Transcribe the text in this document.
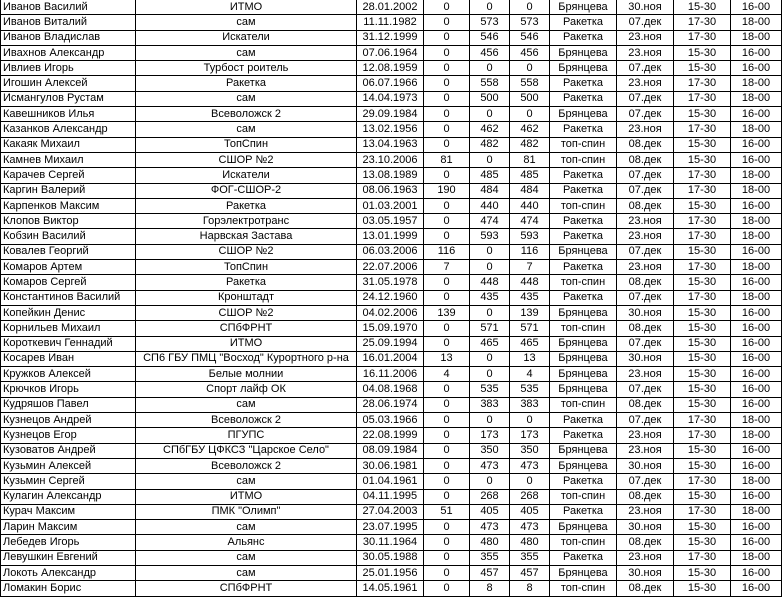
Иванов Василий	ИТМО	28.01.2002	0	0	0	Брянцева	30.ноя	15-30	16-00
Иванов Виталий	сам	11.11.1982	0	573	573	Ракетка	07.дек	17-30	18-00
Иванов Владислав	Искатели	31.12.1999	0	546	546	Ракетка	23.ноя	17-30	18-00
Ивахнов Александр	сам	07.06.1964	0	456	456	Брянцева	23.ноя	15-30	16-00
Ивлиев Игорь	Турбост роитель	12.08.1959	0	0	0	Брянцева	07.дек	15-30	16-00
Игошин Алексей	Ракетка	06.07.1966	0	558	558	Ракетка	23.ноя	17-30	18-00
Исмангулов Рустам	сам	14.04.1973	0	500	500	Ракетка	07.дек	17-30	18-00
Кавешников Илья	Всеволожск 2	29.09.1984	0	0	0	Брянцева	07.дек	15-30	16-00
Казанков Александр	сам	13.02.1956	0	462	462	Ракетка	23.ноя	17-30	18-00
Какаяк Михаил	ТопСпин	13.04.1963	0	482	482	топ-спин	08.дек	15-30	16-00
Камнев Михаил	СШОР №2	23.10.2006	81	0	81	топ-спин	08.дек	15-30	16-00
Карачев Сергей	Искатели	13.08.1989	0	485	485	Ракетка	07.дек	17-30	18-00
Каргин Валерий	ФОГ-СШОР-2	08.06.1963	190	484	484	Ракетка	07.дек	17-30	18-00
Карпенков Максим	Ракетка	01.03.2001	0	440	440	топ-спин	08.дек	15-30	16-00
Клопов Виктор	Горэлектротранс	03.05.1957	0	474	474	Ракетка	23.ноя	17-30	18-00
Кобзин Василий	Нарвская Застава	13.01.1999	0	593	593	Ракетка	23.ноя	17-30	18-00
Ковалев Георгий	СШОР №2	06.03.2006	116	0	116	Брянцева	07.дек	15-30	16-00
Комаров Артем	ТопСпин	22.07.2006	7	0	7	Ракетка	23.ноя	17-30	18-00
Комаров Сергей	Ракетка	31.05.1978	0	448	448	топ-спин	08.дек	15-30	16-00
Константинов Василий	Кронштадт	24.12.1960	0	435	435	Ракетка	07.дек	17-30	18-00
Копейкин Денис	СШОР №2	04.02.2006	139	0	139	Брянцева	30.ноя	15-30	16-00
Корнильев Михаил	СПбФРНТ	15.09.1970	0	571	571	топ-спин	08.дек	15-30	16-00
Короткевич Геннадий	ИТМО	25.09.1994	0	465	465	Брянцева	07.дек	15-30	16-00
Косарев Иван	СП6 ГБУ ПМЦ "Восход" Курортного р-на	16.01.2004	13	0	13	Брянцева	30.ноя	15-30	16-00
Кружков Алексей	Белые молнии	16.11.2006	4	0	4	Брянцева	23.ноя	15-30	16-00
Крючков Игорь	Спорт лайф ОК	04.08.1968	0	535	535	Брянцева	07.дек	15-30	16-00
Кудряшов Павел	сам	28.06.1974	0	383	383	топ-спин	08.дек	15-30	16-00
Кузнецов Андрей	Всеволожск 2	05.03.1966	0	0	0	Ракетка	07.дек	17-30	18-00
Кузнецов Егор	ПГУПС	22.08.1999	0	173	173	Ракетка	23.ноя	17-30	18-00
Кузоватов Андрей	СПбГБУ ЦФКСЗ "Царское Село"	08.09.1984	0	350	350	Брянцева	23.ноя	15-30	16-00
Кузьмин Алексей	Всеволожск 2	30.06.1981	0	473	473	Брянцева	30.ноя	15-30	16-00
Кузьмин Сергей	сам	01.04.1961	0	0	0	Ракетка	07.дек	17-30	18-00
Кулагин Александр	ИТМО	04.11.1995	0	268	268	топ-спин	08.дек	15-30	16-00
Курач Максим	ПМК "Олимп"	27.04.2003	51	405	405	Ракетка	23.ноя	17-30	18-00
Ларин Максим	сам	23.07.1995	0	473	473	Брянцева	30.ноя	15-30	16-00
Лебедев Игорь	Альянс	30.11.1964	0	480	480	топ-спин	08.дек	15-30	16-00
Левушкин Евгений	сам	30.05.1988	0	355	355	Ракетка	23.ноя	17-30	18-00
Локоть Александр	сам	25.01.1956	0	457	457	Брянцева	30.ноя	15-30	16-00
Ломакин Борис	СПбФРНТ	14.05.1961	0	8	8	топ-спин	08.дек	15-30	16-00
